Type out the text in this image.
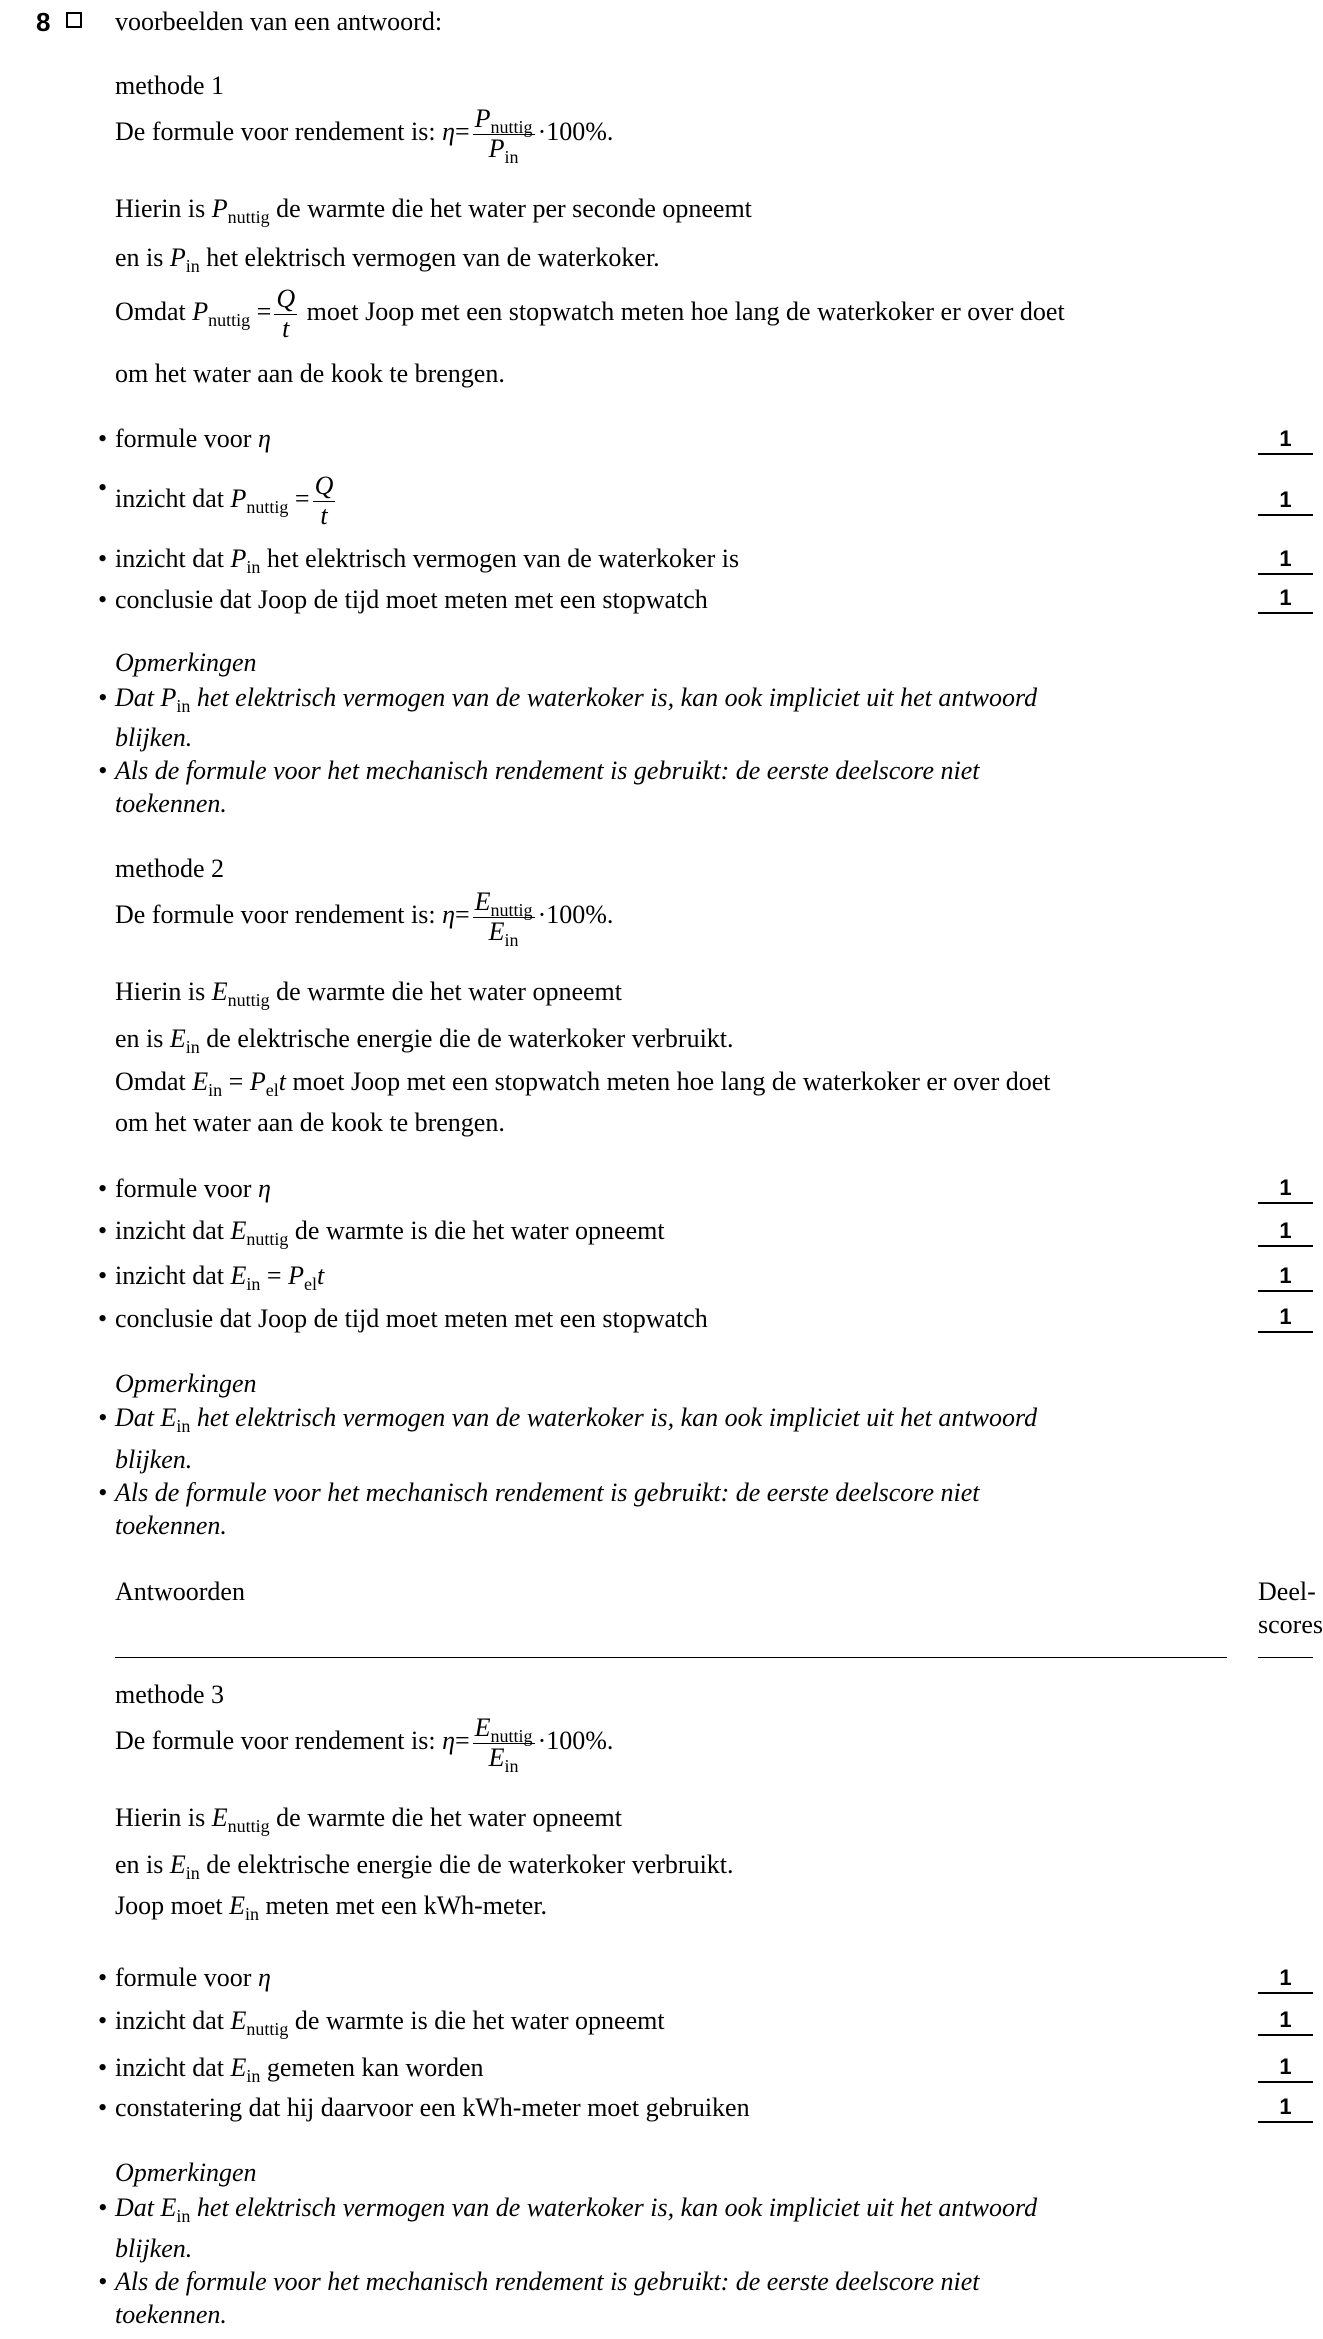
8 voorbeelden van een antwoord:
methode 1
De formule voor rendement is: $\eta= \frac{P_{nuttig}}{P_{in}} \cdot 100\%$.
Hierin is $P_{nuttig}$ de warmte die het water per seconde opneemt
en is $P_{in}$ het elektrisch vermogen van de waterkoker.
Omdat $P_{nuttig} = \frac{Q}{t}$ moet Joop met een stopwatch meten hoe lang de waterkoker er over doet
om het water aan de kook te brengen.
• formule voor η	1
• inzicht dat $P_{nuttig} = \frac{Q}{t}$	1
• inzicht dat $P_{in}$ het elektrisch vermogen van de waterkoker is	1
• conclusie dat Joop de tijd moet meten met een stopwatch	1
Opmerkingen
• Dat $P_{in}$ het elektrisch vermogen van de waterkoker is, kan ook impliciet uit het antwoord
blijken.
• Als de formule voor het mechanisch rendement is gebruikt: de eerste deelscore niet
toekennen.
methode 2
De formule voor rendement is: $\eta= \frac{E_{nuttig}}{E_{in}} \cdot 100\%$.
Hierin is $E_{nuttig}$ de warmte die het water opneemt
en is $E_{in}$ de elektrische energie die de waterkoker verbruikt.
Omdat $E_{in} = P_{el}t$ moet Joop met een stopwatch meten hoe lang de waterkoker er over doet
om het water aan de kook te brengen.
• formule voor η	1
• inzicht dat $E_{nuttig}$ de warmte is die het water opneemt	1
• inzicht dat $E_{in} = P_{el}t$	1
• conclusie dat Joop de tijd moet meten met een stopwatch	1
Opmerkingen
• Dat $E_{in}$ het elektrisch vermogen van de waterkoker is, kan ook impliciet uit het antwoord
blijken.
• Als de formule voor het mechanisch rendement is gebruikt: de eerste deelscore niet
toekennen.
Antwoorden	Deel-
scores
methode 3
De formule voor rendement is: $\eta= \frac{E_{nuttig}}{E_{in}} \cdot 100\%$.
Hierin is $E_{nuttig}$ de warmte die het water opneemt
en is $E_{in}$ de elektrische energie die de waterkoker verbruikt.
Joop moet $E_{in}$ meten met een kWh-meter.
• formule voor η	1
• inzicht dat $E_{nuttig}$ de warmte is die het water opneemt	1
• inzicht dat $E_{in}$ gemeten kan worden	1
• constatering dat hij daarvoor een kWh-meter moet gebruiken	1
Opmerkingen
• Dat $E_{in}$ het elektrisch vermogen van de waterkoker is, kan ook impliciet uit het antwoord
blijken.
• Als de formule voor het mechanisch rendement is gebruikt: de eerste deelscore niet
toekennen.
